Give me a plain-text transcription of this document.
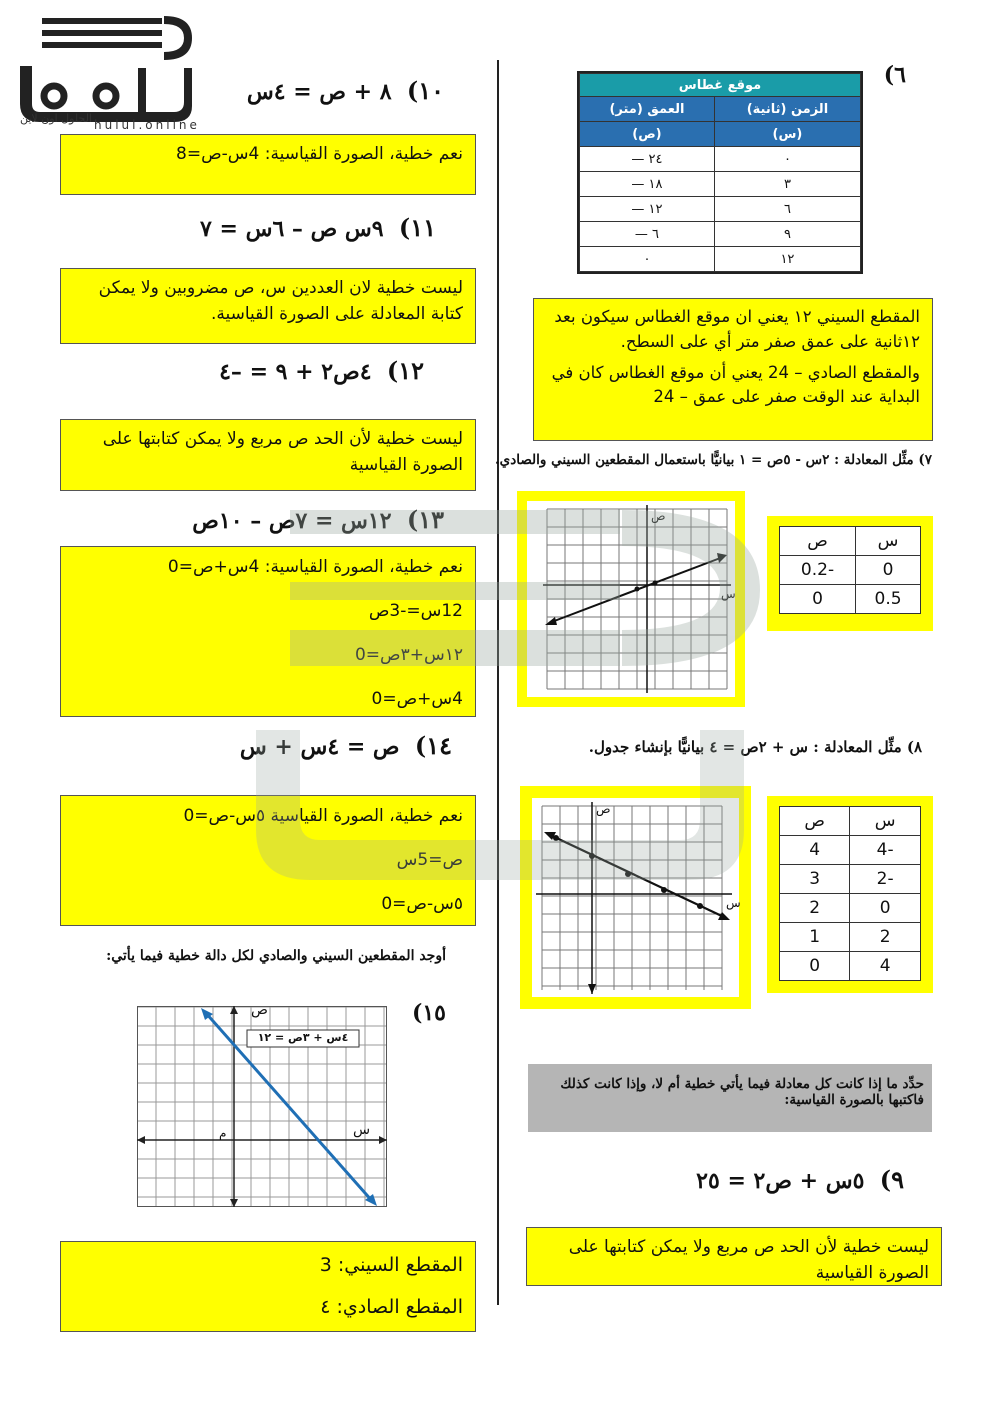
الحلول اون لاين hulul.online
١٠)  ٨ + ص = ٤س
نعم خطية، الصورة القياسية: 4س-ص=8
١١)  ٩س ص – ٦س = ٧
ليست خطية لان العددين س، ص مضروبين ولا يمكن كتابة المعادلة على الصورة القياسية.
١٢)  ٤ص٢ + ٩ = –٤
ليست خطية لأن الحد ص مربع ولا يمكن كتابتها على الصورة القياسية
١٣)  ١٢س = ٧ص – ١٠ص
نعم خطية، الصورة القياسية: 4س+ص=0
12س=-3ص
١٢س+٣ص=0
4س+ص=0
١٤)  ص = ٤س + س
نعم خطية، الصورة القياسية ٥س-ص=0
ص=5س
٥س-ص=0
أوجد المقطعين السيني والصادي لكل دالة خطية فيما يأتي:
١٥)
٤س + ٣ص = ١٢
ص
س
م
المقطع السيني: 3
المقطع الصادي: ٤
٦)
موقع غطاس	
الزمن (ثانية)	العمق (متر)
(س)	(ص)
٠	٢٤ —
٣	١٨ —
٦	١٢ —
٩	٦ —
١٢	٠
المقطع السيني ١٢ يعني ان موقع الغطاس سيكون بعد ١٢ثانية على عمق صفر متر أي على السطح.
والمقطع الصادي – 24 يعني أن موقع الغطاس كان في البداية عند الوقت صفر على عمق – 24
٧) مثِّل المعادلة : ٢س - ٥ص = ١ بيانيًّا باستعمال المقطعين السيني والصادي.
ص
س
س	ص
0	-0.2
0.5	0
٨) مثِّل المعادلة : س + ٢ص = ٤ بيانيًّا بإنشاء جدول.
ص
س
س	ص
-4	4
-2	3
0	2
2	1
4	0
حدِّد ما إذا كانت كل معادلة فيما يأتي خطية أم لا، وإذا كانت كذلك فاكتبها بالصورة القياسية:
٩)  ٥س + ص٢ = ٢٥
ليست خطية لأن الحد ص مربع ولا يمكن كتابتها على الصورة القياسية
